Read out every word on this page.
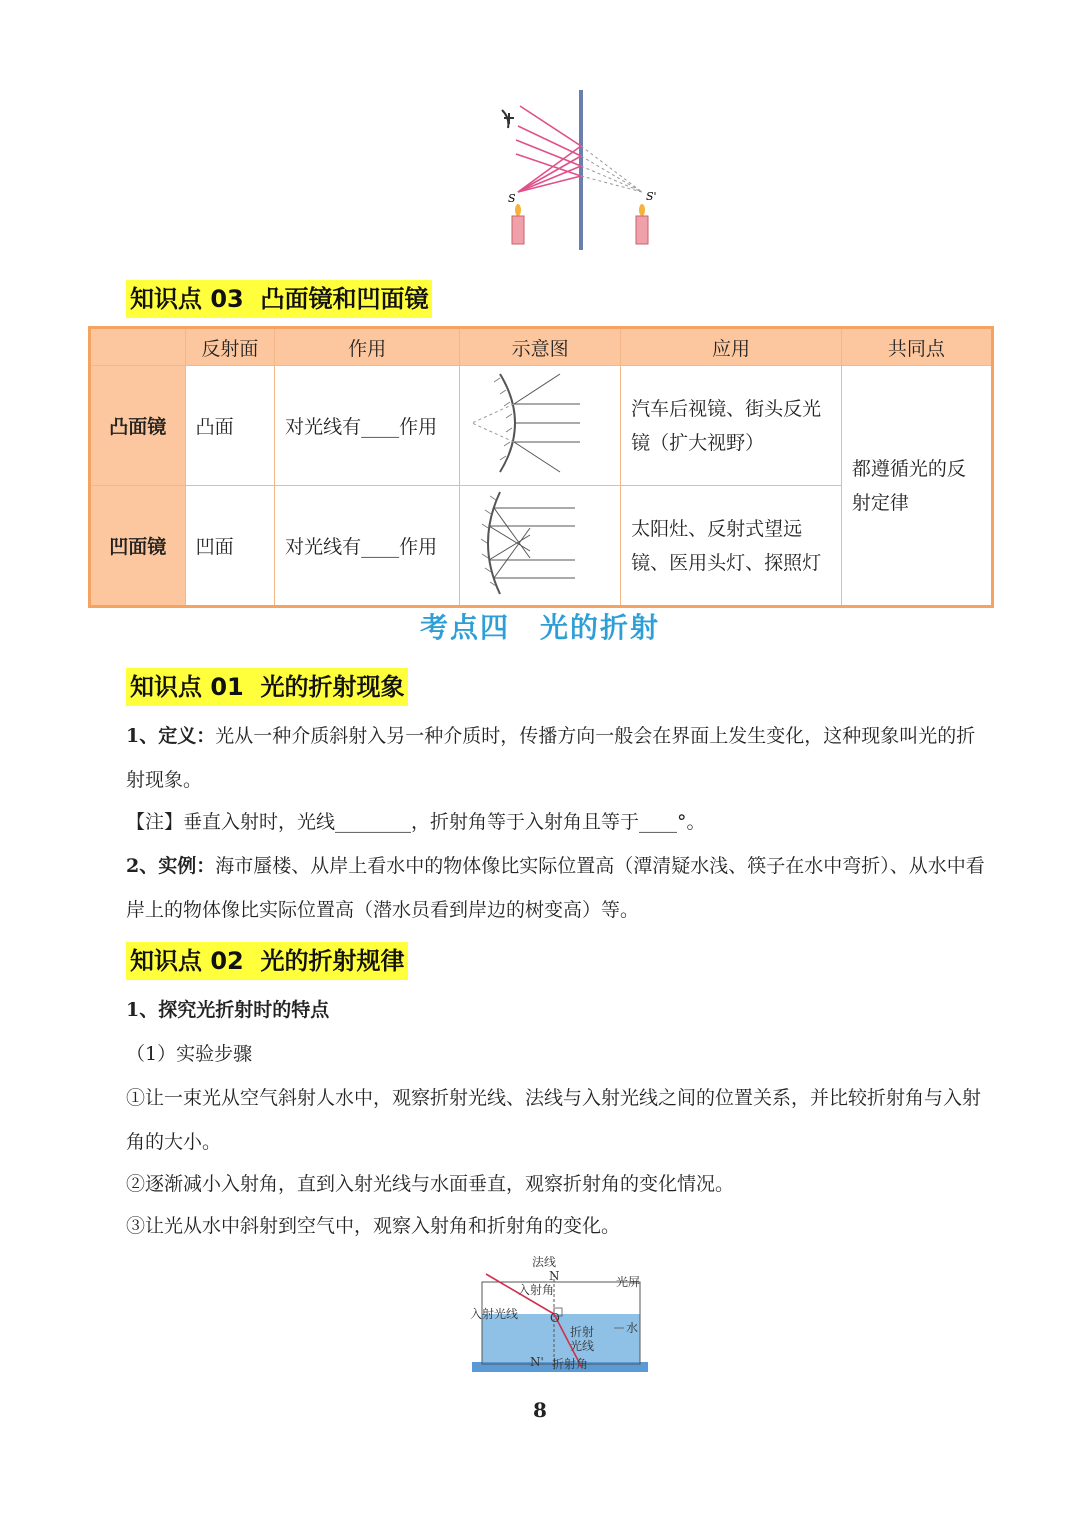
S	S'
知识点 03 凸面镜和凹面镜
	反射面	作用	示意图	应用	共同点
凸面镜	凸面	对光线有____作用		汽车后视镜、街头反光镜（扩大视野）	都遵循光的反射定律
凹面镜	凹面	对光线有____作用		太阳灶、反射式望远镜、医用头灯、探照灯	
考点四　光的折射
知识点 01 光的折射现象
1、定义：光从一种介质斜射入另一种介质时，传播方向一般会在界面上发生变化，这种现象叫光的折射现象。
【注】垂直入射时，光线________，折射角等于入射角且等于____°。
2、实例：海市蜃楼、从岸上看水中的物体像比实际位置高（潭清疑水浅、筷子在水中弯折）、从水中看岸上的物体像比实际位置高（潜水员看到岸边的树变高）等。
知识点 02 光的折射规律
1、探究光折射时的特点
（1）实验步骤
①让一束光从空气斜射人水中，观察折射光线、法线与入射光线之间的位置关系，并比较折射角与入射角的大小。
②逐渐减小入射角，直到入射光线与水面垂直，观察折射角的变化情况。
③让光从水中斜射到空气中，观察入射角和折射角的变化。
法线
N	光屏
入射角
入射光线	O
折射
光线
水
N' 折射角
8
